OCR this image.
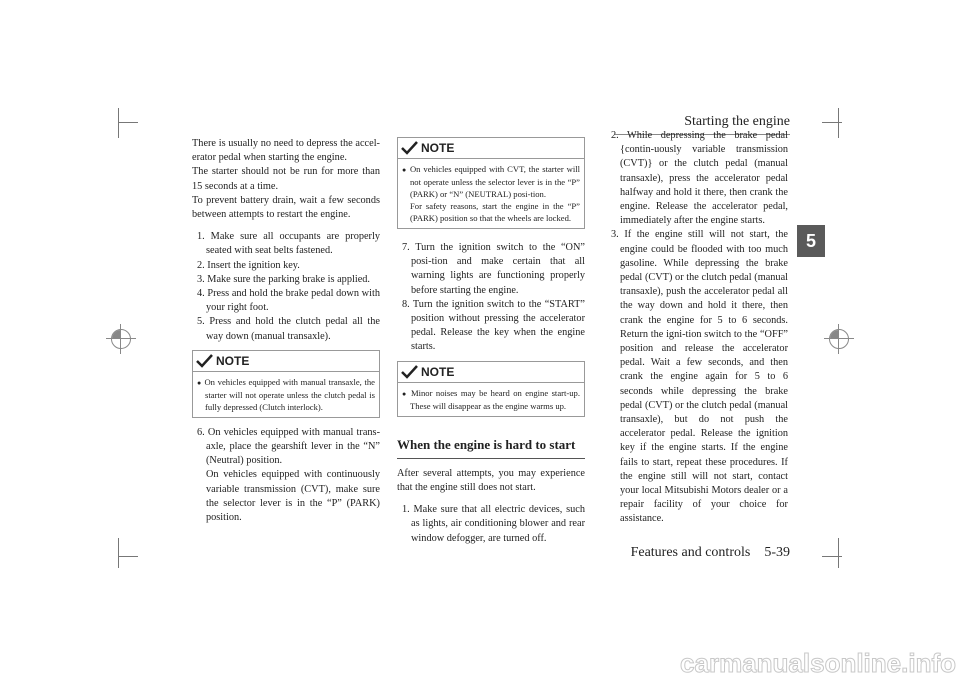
Starting the engine
5

There is usually no need to depress the accel-erator pedal when starting the engine.

The starter should not be run for more than 15 seconds at a time.

To prevent battery drain, wait a few seconds between attempts to restart the engine.

1. Make sure all occupants are properly seated with seat belts fastened.
2. Insert the ignition key.
3. Make sure the parking brake is applied.
4. Press and hold the brake pedal down with your right foot.
5. Press and hold the clutch pedal all the way down (manual transaxle).
NOTE

● On vehicles equipped with manual transaxle, the starter will not operate unless the clutch pedal is fully depressed (Clutch interlock).

6. On vehicles equipped with manual trans-axle, place the gearshift lever in the “N” (Neutral) position.
On vehicles equipped with continuously variable transmission (CVT), make sure the selector lever is in the “P” (PARK) position.
NOTE

● On vehicles equipped with CVT, the starter will not operate unless the selector lever is in the “P” (PARK) or “N” (NEUTRAL) posi-tion.

For safety reasons, start the engine in the “P” (PARK) position so that the wheels are locked.

7. Turn the ignition switch to the “ON” posi-tion and make certain that all warning lights are functioning properly before starting the engine.
8. Turn the ignition switch to the “START” position without pressing the accelerator pedal. Release the key when the engine starts.
NOTE

● Minor noises may be heard on engine start-up. These will disappear as the engine warms up.

When the engine is hard to start

After several attempts, you may experience that the engine still does not start.

1. Make sure that all electric devices, such as lights, air conditioning blower and rear window defogger, are turned off.
2. While depressing the brake pedal {contin-uously variable transmission (CVT)} or the clutch pedal (manual transaxle), press the accelerator pedal halfway and hold it there, then crank the engine. Release the accelerator pedal, immediately after the engine starts.
3. If the engine still will not start, the engine could be flooded with too much gasoline. While depressing the brake pedal (CVT) or the clutch pedal (manual transaxle), push the accelerator pedal all the way down and hold it there, then crank the engine for 5 to 6 seconds. Return the igni-tion switch to the “OFF” position and release the accelerator pedal. Wait a few seconds, and then crank the engine again for 5 to 6 seconds while depressing the brake pedal (CVT) or the clutch pedal (manual transaxle), but do not push the accelerator pedal. Release the ignition key if the engine starts. If the engine fails to start, repeat these procedures. If the engine still will not start, contact your local Mitsubishi Motors dealer or a repair facility of your choice for assistance.
Features and controls    5-39
carmanualsonline.info
